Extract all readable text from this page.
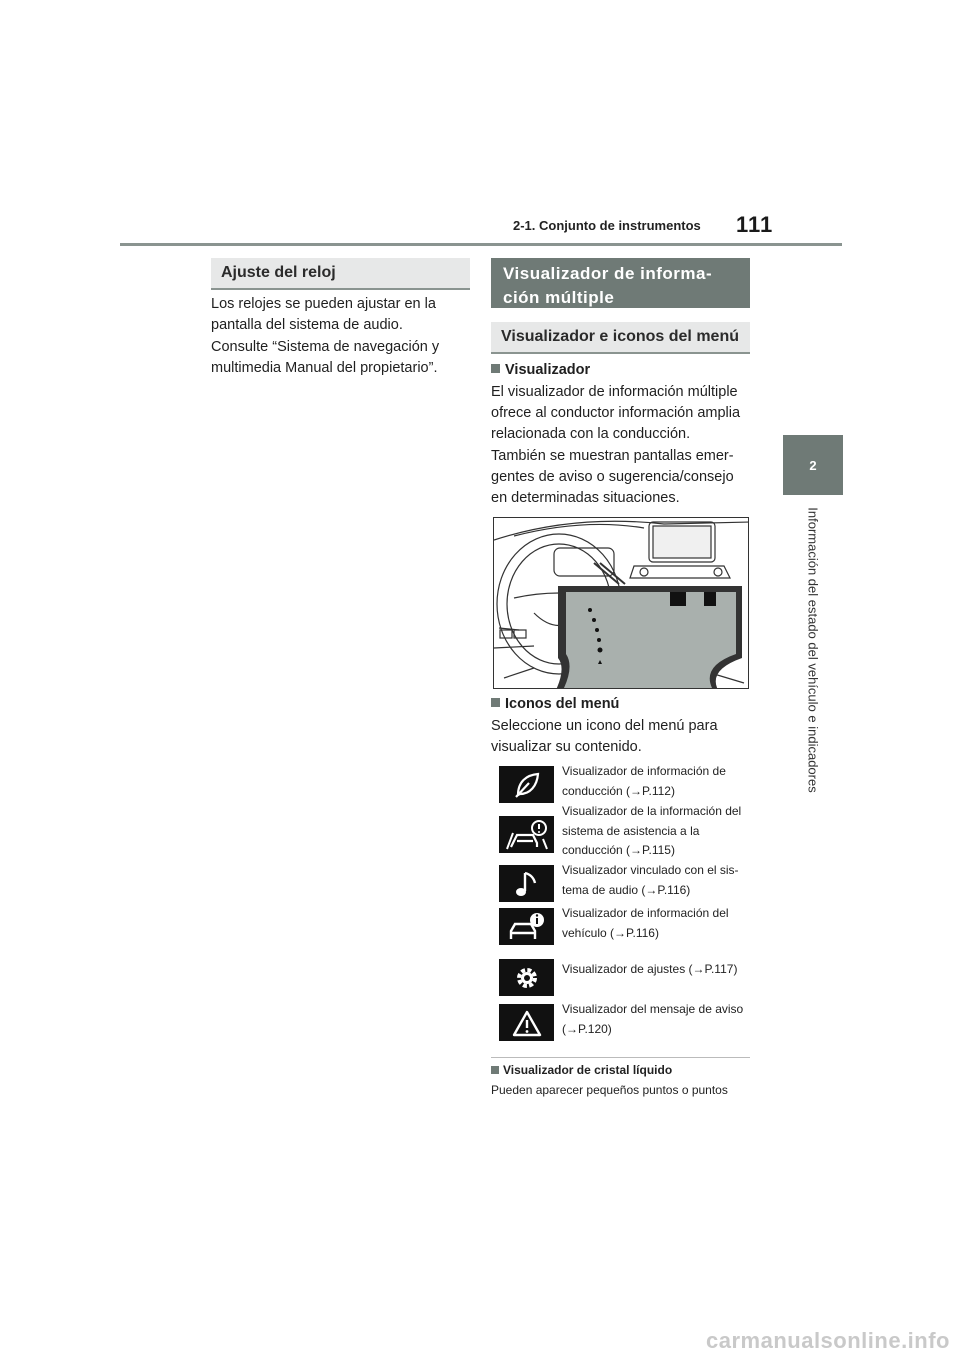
2-1. Conjunto de instrumentos 111
2
Información del estado del vehículo e indicadores
Ajuste del reloj
Los relojes se pueden ajustar en la pantalla del sistema de audio.
Consulte “Sistema de navegación y multimedia Manual del propietario”.
Visualizador de informa-
ción múltiple
Visualizador e iconos del menú
Visualizador
El visualizador de información múltiple ofrece al conductor información amplia relacionada con la conducción.
También se muestran pantallas emer-gentes de aviso o sugerencia/consejo en determinadas situaciones.
Iconos del menú
Seleccione un icono del menú para visualizar su contenido.
Visualizador de información de conducción (→P.112)
Visualizador de la información del sistema de asistencia a la conducción (→P.115)
Visualizador vinculado con el sis-tema de audio (→P.116)
Visualizador de información del vehículo (→P.116)
Visualizador de ajustes (→P.117)
Visualizador del mensaje de aviso (→P.120)
Visualizador de cristal líquido
Pueden aparecer pequeños puntos o puntos
carmanualsonline.info
